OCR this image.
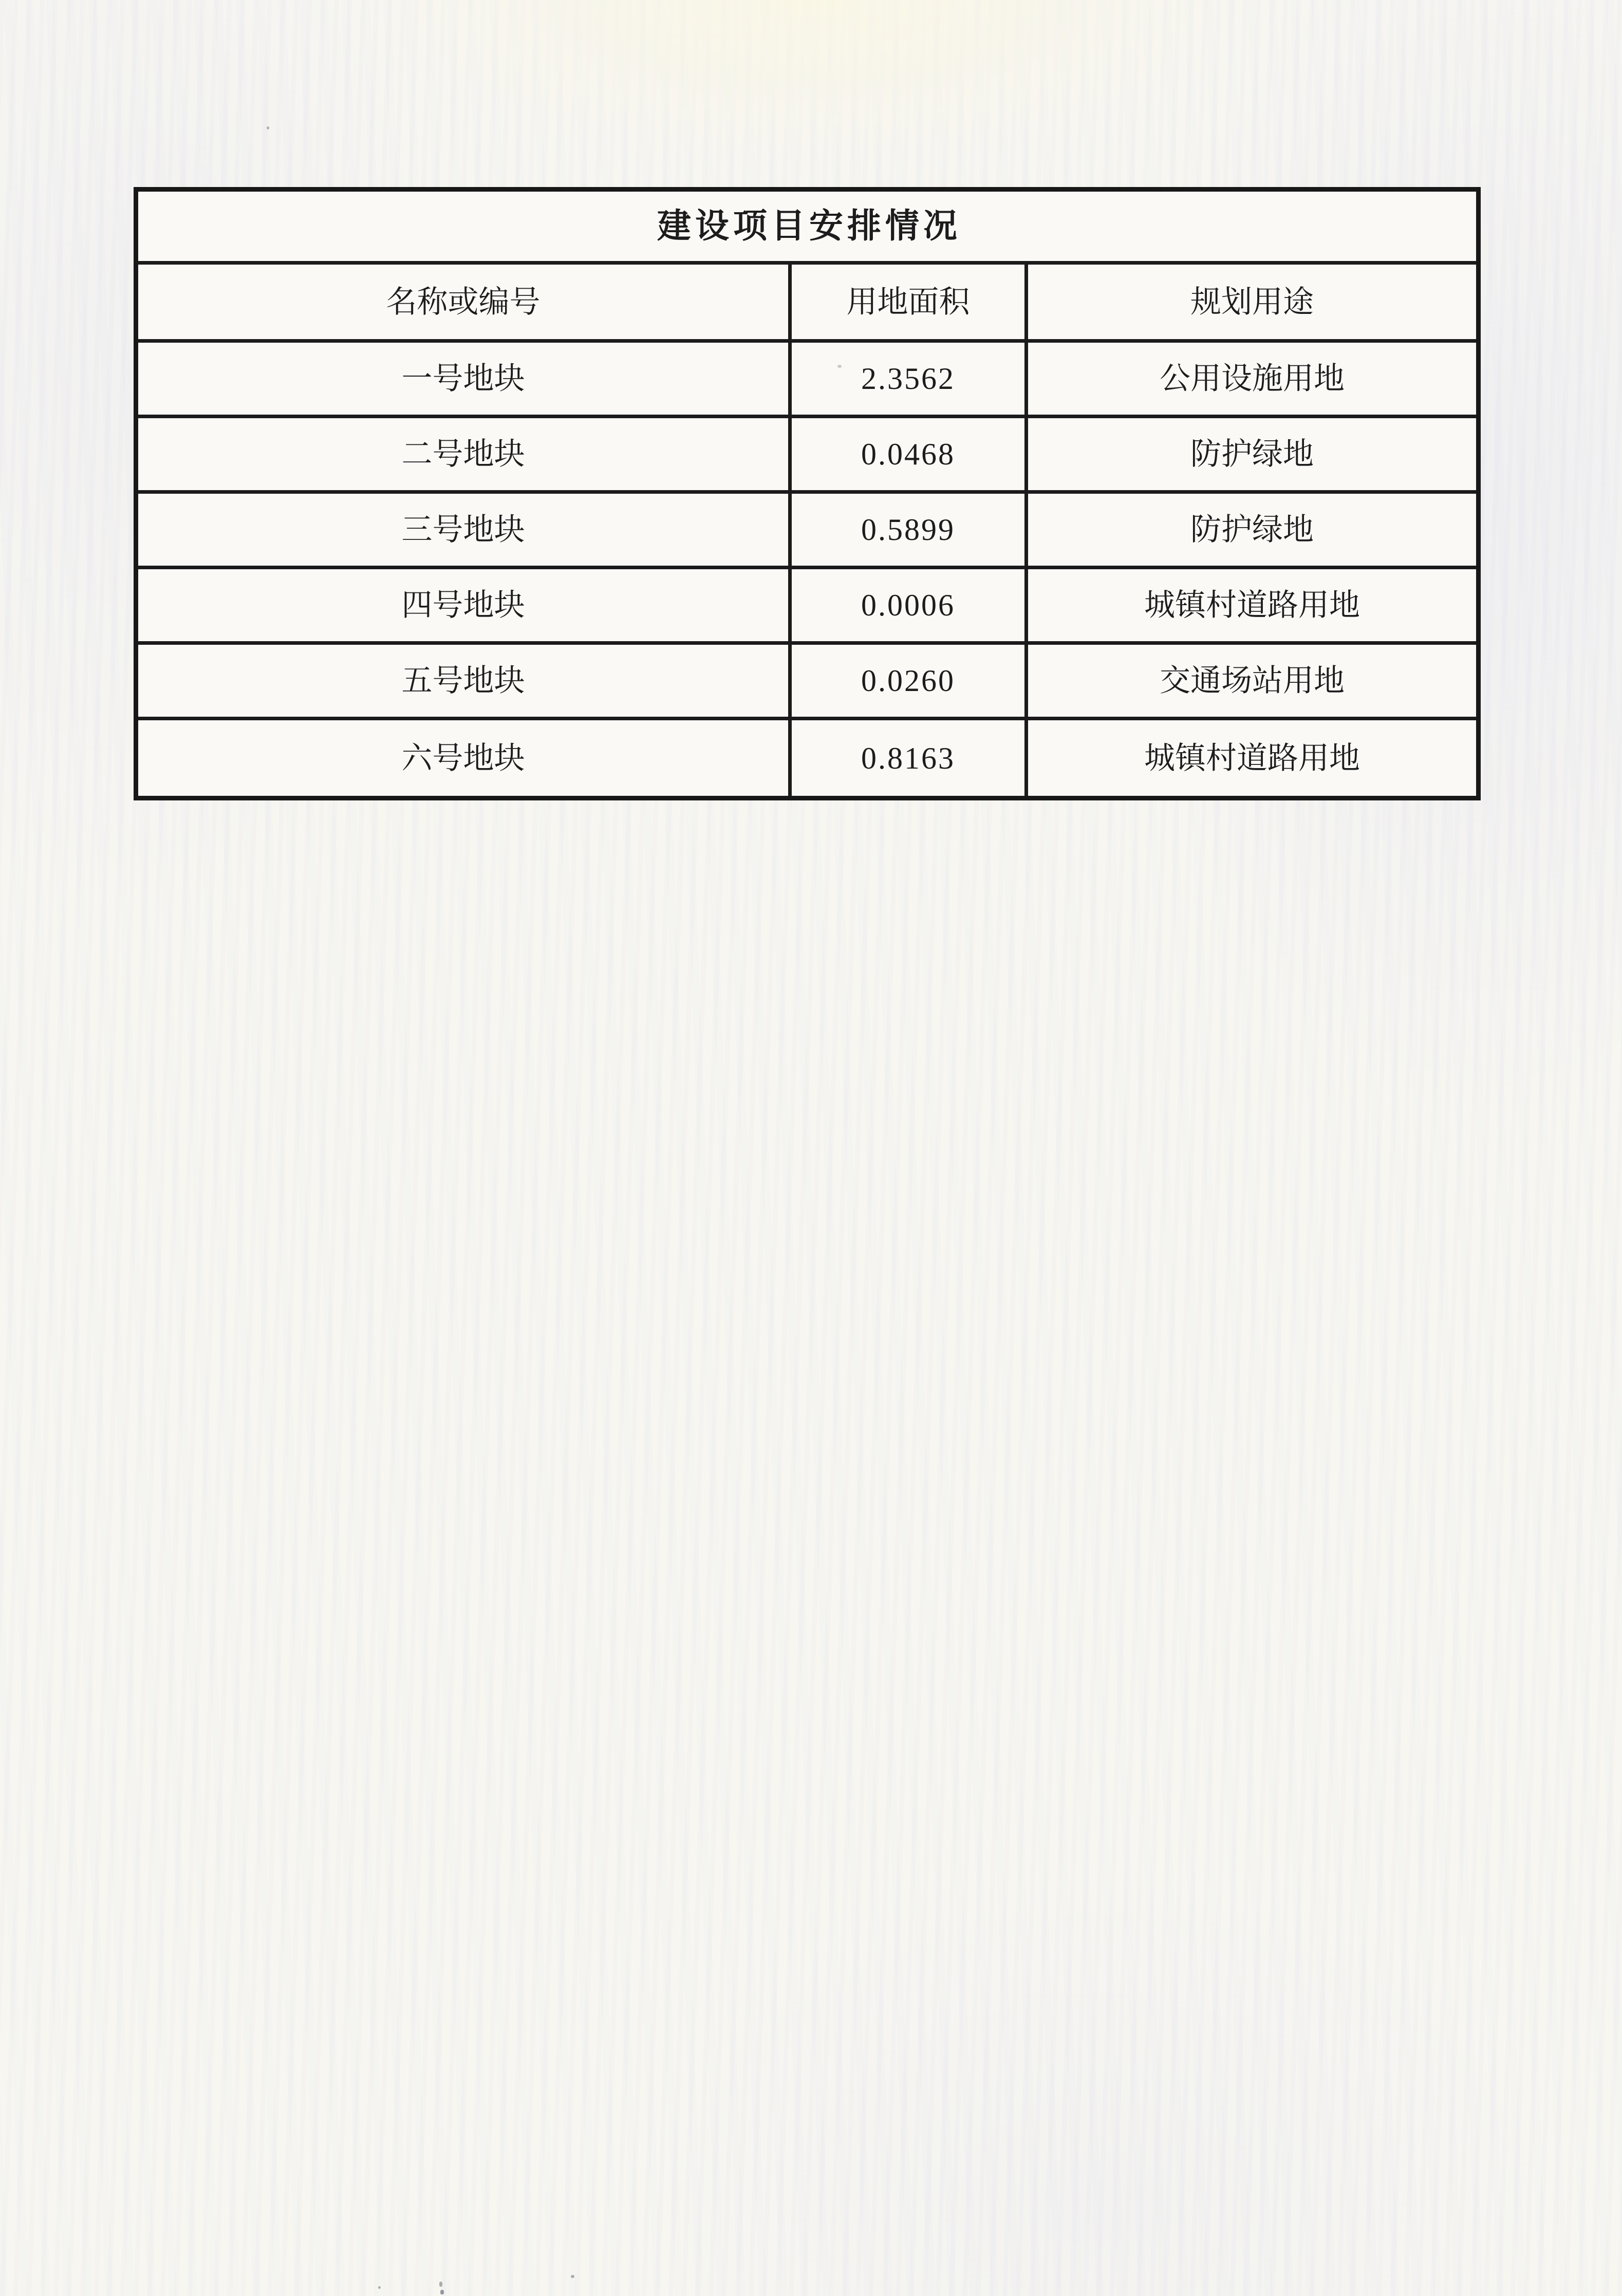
建设项目安排情况
名称或编号	用地面积	规划用途
一号地块	2.3562	公用设施用地
二号地块	0.0468	防护绿地
三号地块	0.5899	防护绿地
四号地块	0.0006	城镇村道路用地
五号地块	0.0260	交通场站用地
六号地块	0.8163	城镇村道路用地
